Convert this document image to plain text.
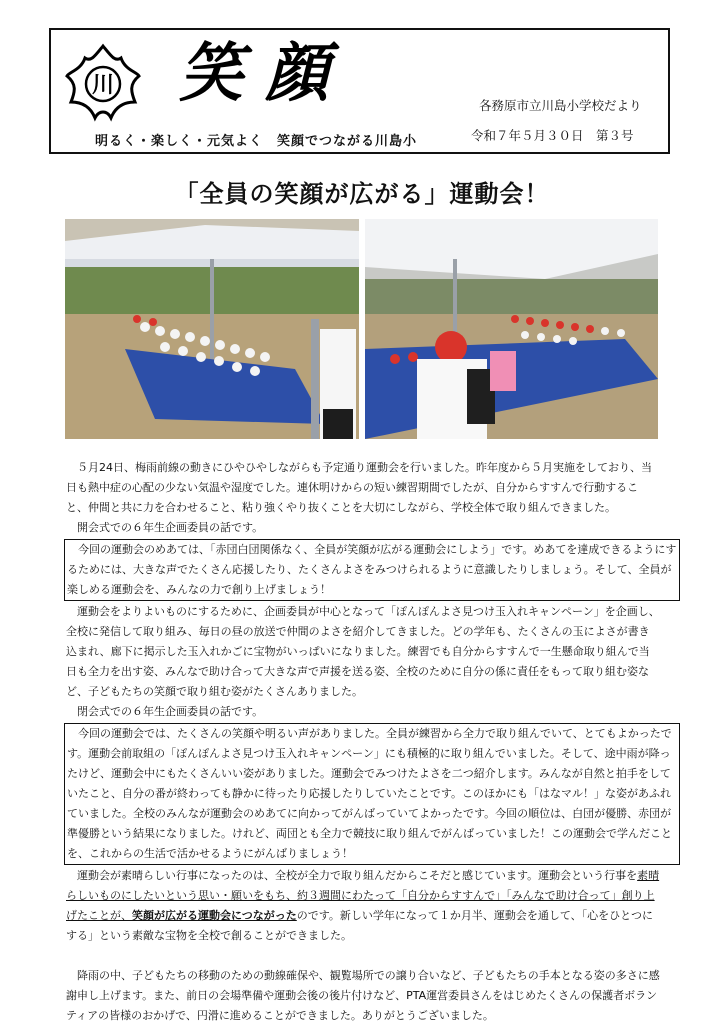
川 笑顔
明るく・楽しく・元気よく　笑顔でつながる川島小
各務原市立川島小学校だより
令和７年５月３０日　第３号
「全員の笑顔が広がる」運動会！

５月24日、梅雨前線の動きにひやひやしながらも予定通り運動会を行いました。昨年度から５月実施をしており、当日も熱中症の心配の少ない気温や湿度でした。連休明けからの短い練習期間でしたが、自分からすすんで行動すること、仲間と共に力を合わせること、粘り強くやり抜くことを大切にしながら、学校全体で取り組んできました。

開会式での６年生企画委員の話です。

今回の運動会のめあては、「赤団白団関係なく、全員が笑顔が広がる運動会にしよう」です。めあてを達成できるようにするためには、大きな声でたくさん応援したり、たくさんよさをみつけられるように意識したりしましょう。そして、全員が楽しめる運動会を、みんなの力で創り上げましょう！

運動会をよりよいものにするために、企画委員が中心となって「ぽんぽんよさ見つけ玉入れキャンペーン」を企画し、全校に発信して取り組み、毎日の昼の放送で仲間のよさを紹介してきました。どの学年も、たくさんの玉によさが書き込まれ、廊下に掲示した玉入れかごに宝物がいっぱいになりました。練習でも自分からすすんで一生懸命取り組んで当日も全力を出す姿、みんなで助け合って大きな声で声援を送る姿、全校のために自分の係に責任をもって取り組む姿など、子どもたちの笑顔で取り組む姿がたくさんありました。

閉会式での６年生企画委員の話です。

今回の運動会では、たくさんの笑顔や明るい声がありました。全員が練習から全力で取り組んでいて、とてもよかったです。運動会前取組の「ぽんぽんよさ見つけ玉入れキャンペーン」にも積極的に取り組んでいました。そして、途中雨が降ったけど、運動会中にもたくさんいい姿がありました。運動会でみつけたよさを二つ紹介します。みんなが自然と拍手をしていたこと、自分の番が終わっても静かに待ったり応援したりしていたことです。このほかにも「はなマル！」な姿があふれていました。全校のみんなが運動会のめあてに向かってがんばっていてよかったです。今回の順位は、白団が優勝、赤団が準優勝という結果になりました。けれど、両団とも全力で競技に取り組んでがんばっていました！この運動会で学んだことを、これからの生活で活かせるようにがんばりましょう！

運動会が素晴らしい行事になったのは、全校が全力で取り組んだからこそだと感じています。運動会という行事を素晴らしいものにしたいという思い・願いをもち、約３週間にわたって「自分からすすんで」「みんなで助け合って」創り上げたことが、笑顔が広がる運動会につながったのです。新しい学年になって１か月半、運動会を通して、「心をひとつにする」という素敵な宝物を全校で創ることができました。

降雨の中、子どもたちの移動のための動線確保や、観覧場所での譲り合いなど、子どもたちの手本となる姿の多さに感謝申し上げます。また、前日の会場準備や運動会後の後片付けなど、PTA運営委員さんをはじめたくさんの保護者ボランティアの皆様のおかげで、円滑に進めることができました。ありがとうございました。
